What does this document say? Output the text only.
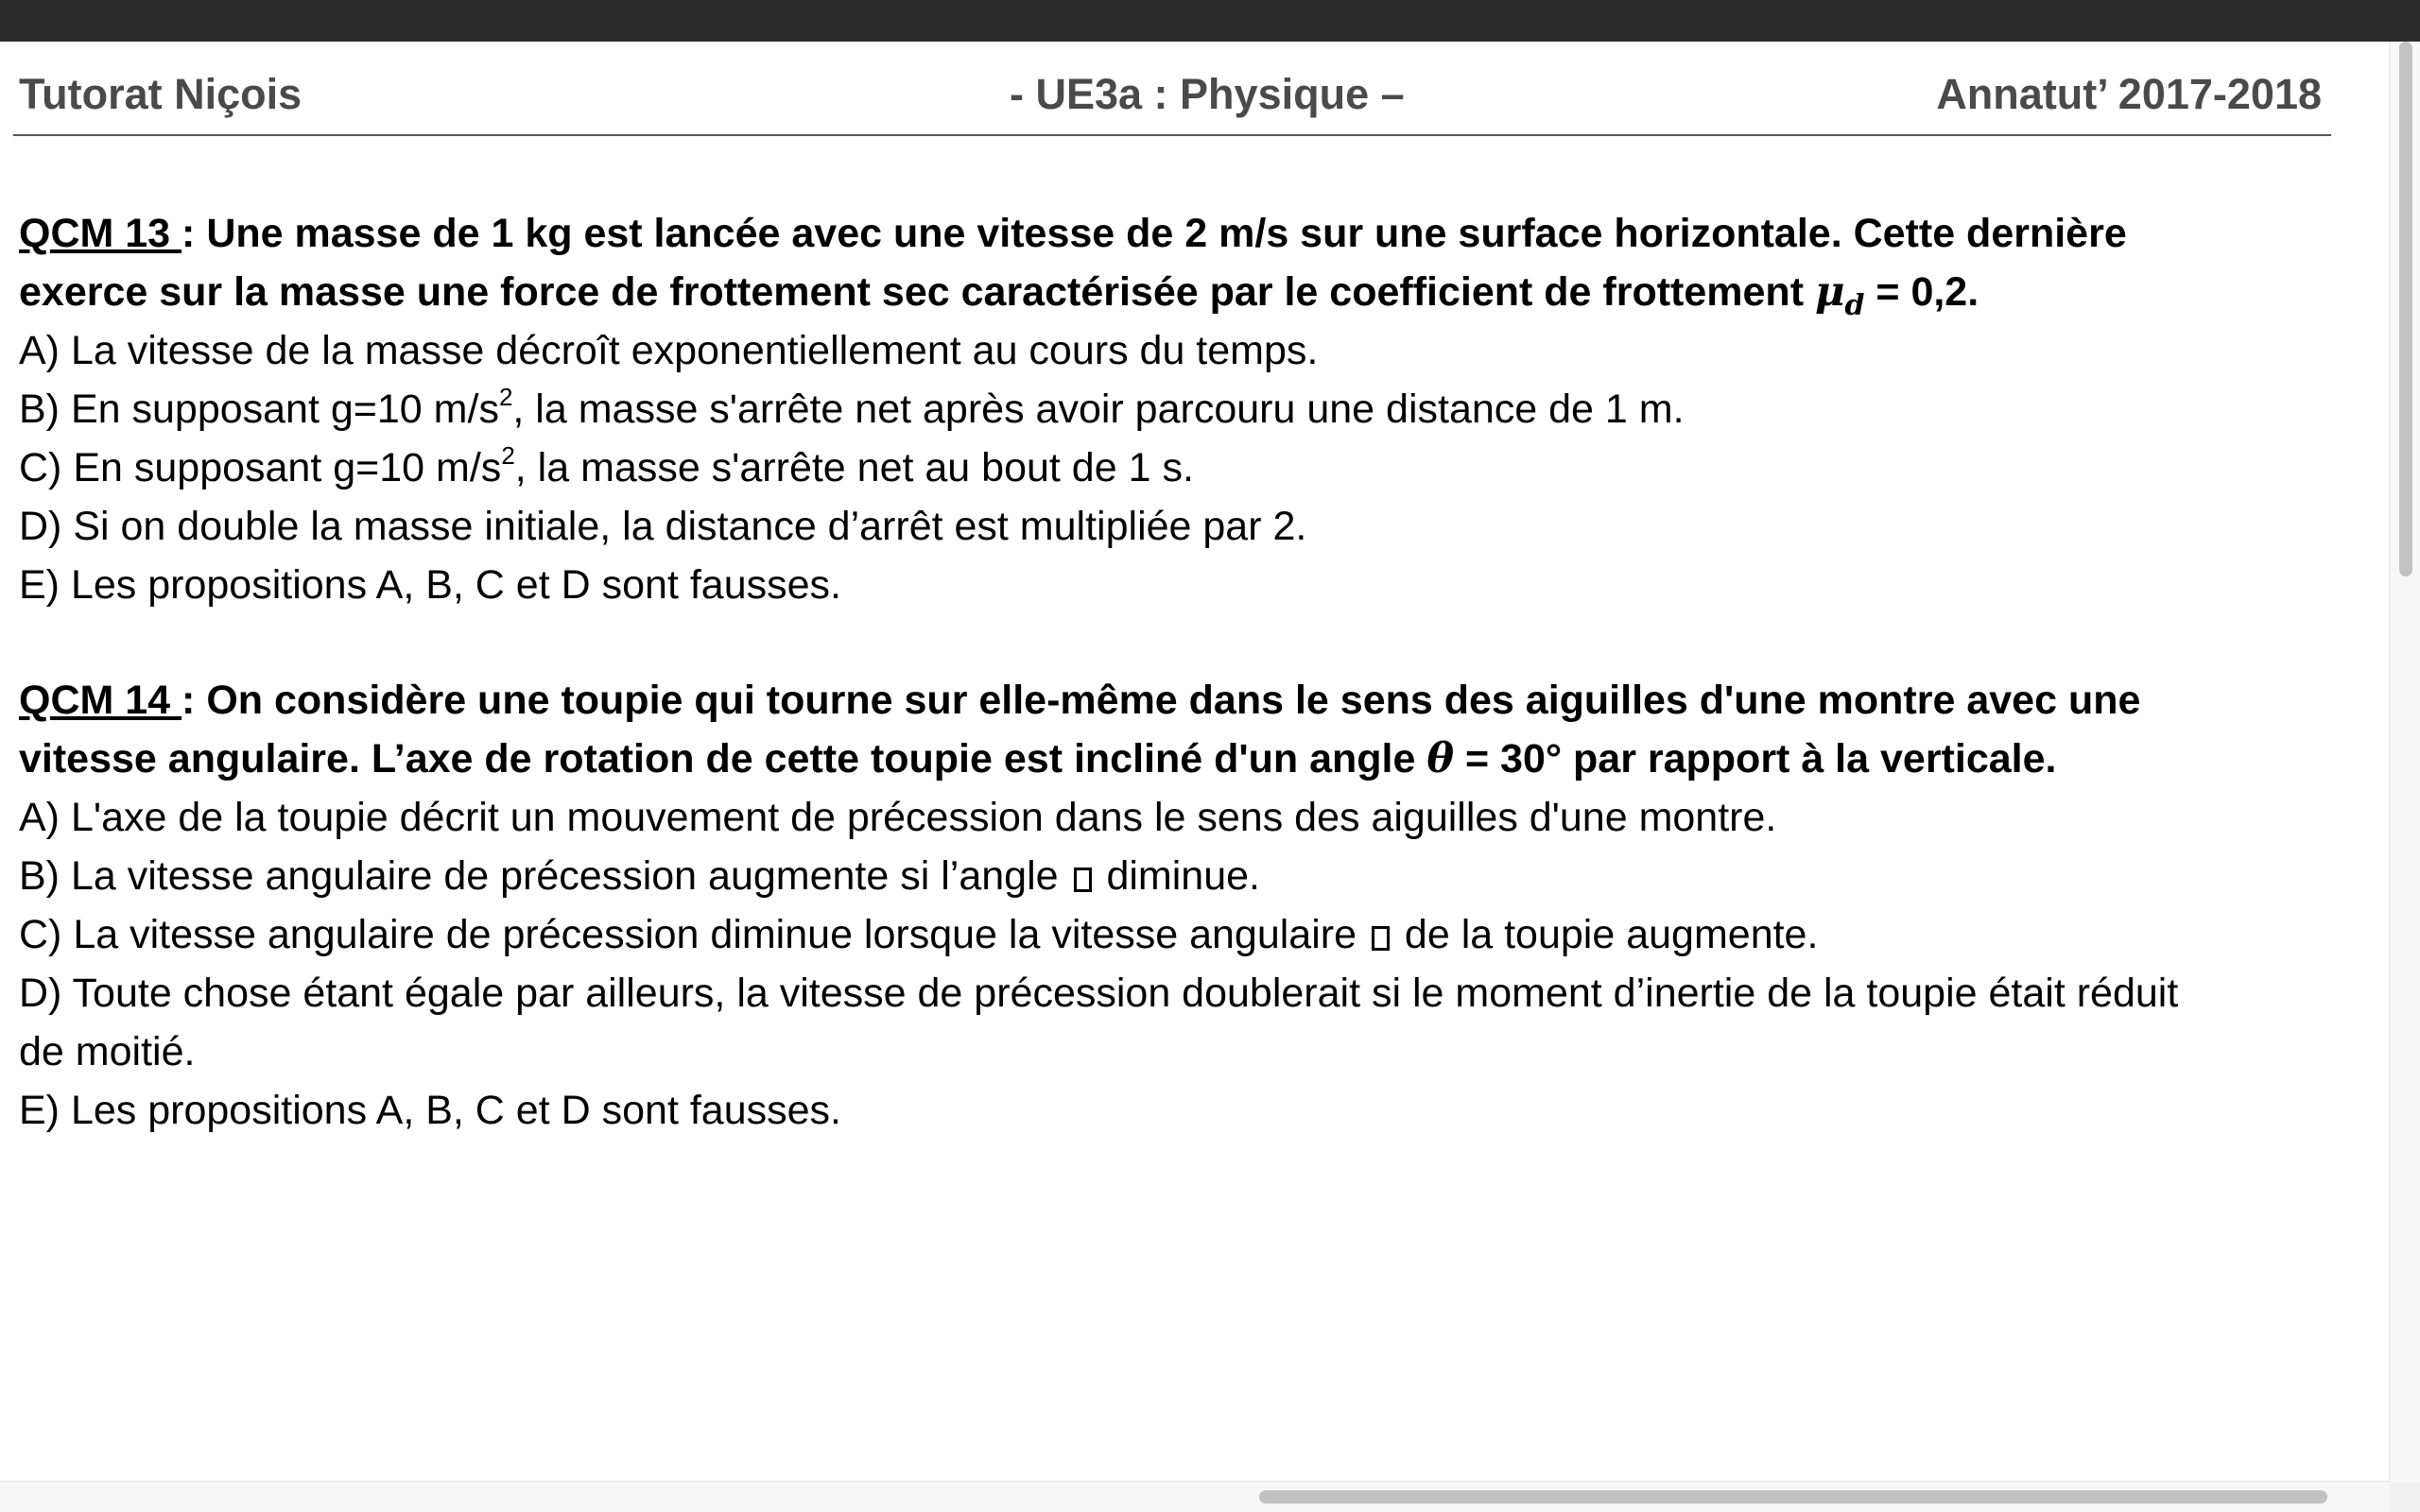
Tutorat Niçois	- UE3a : Physique –	Annatut’ 2017-2018
QCM 13 : Une masse de 1 kg est lancée avec une vitesse de 2 m/s sur une surface horizontale. Cette dernière
exerce sur la masse une force de frottement sec caractérisée par le coefficient de frottement $\mu_d = 0,2$.
A) La vitesse de la masse décroît exponentiellement au cours du temps.
B) En supposant g=10 $m/s^2$, la masse s'arrête net après avoir parcouru une distance de 1 m.
C) En supposant g=10 $m/s^2$, la masse s'arrête net au bout de 1 s.
D) Si on double la masse initiale, la distance d’arrêt est multipliée par 2.
E) Les propositions A, B, C et D sont fausses.
QCM 14 : On considère une toupie qui tourne sur elle-même dans le sens des aiguilles d'une montre avec une
vitesse angulaire. L’axe de rotation de cette toupie est incliné d'un angle θ = 30° par rapport à la verticale.
A) L'axe de la toupie décrit un mouvement de précession dans le sens des aiguilles d'une montre.
B) La vitesse angulaire de précession augmente si l’angle diminue.
C) La vitesse angulaire de précession diminue lorsque la vitesse angulaire de la toupie augmente.
D) Toute chose étant égale par ailleurs, la vitesse de précession doublerait si le moment d’inertie de la toupie était réduit
de moitié.
E) Les propositions A, B, C et D sont fausses.
